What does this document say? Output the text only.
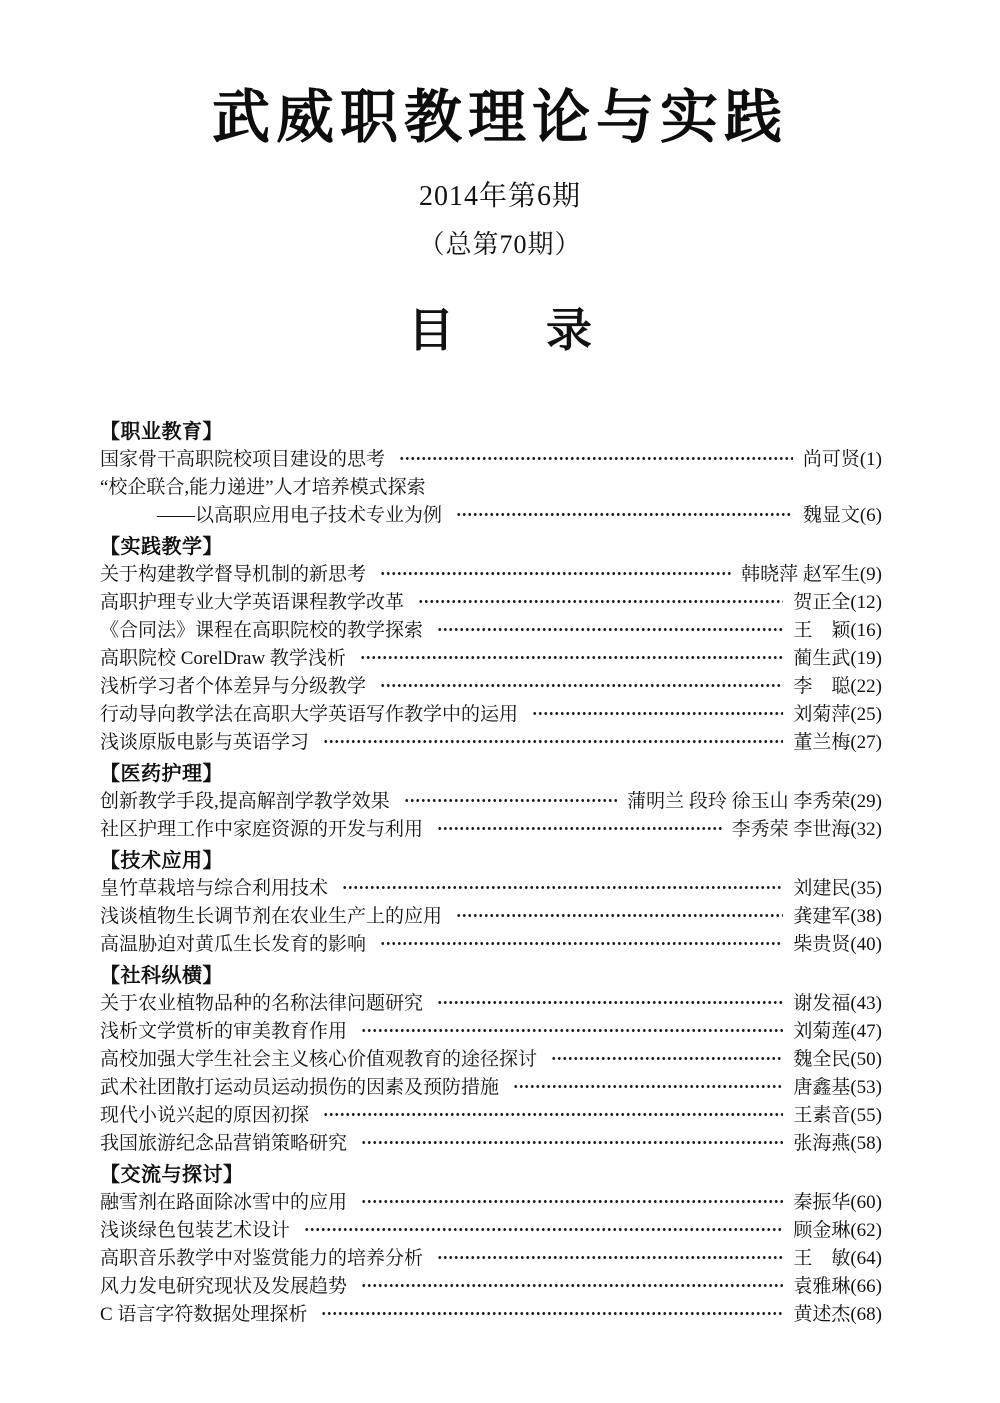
武威职教理论与实践
2014年第6期
（总第70期）
目　　录
【职业教育】
国家骨干高职院校项目建设的思考	尚可贤 (1)
“校企联合,能力递进”人才培养模式探索
——以高职应用电子技术专业为例	魏显文 (6)
【实践教学】
关于构建教学督导机制的新思考	韩晓萍 赵军生 (9)
高职护理专业大学英语课程教学改革	贺正全 (12)
《合同法》课程在高职院校的教学探索	王　颖 (16)
高职院校 CorelDraw 教学浅析	蔺生武 (19)
浅析学习者个体差异与分级教学	李　聪 (22)
行动导向教学法在高职大学英语写作教学中的运用	刘菊萍 (25)
浅谈原版电影与英语学习	董兰梅 (27)
【医药护理】
创新教学手段,提高解剖学教学效果	蒲明兰 段玲 徐玉山 李秀荣 (29)
社区护理工作中家庭资源的开发与利用	李秀荣 李世海 (32)
【技术应用】
皇竹草栽培与综合利用技术	刘建民 (35)
浅谈植物生长调节剂在农业生产上的应用	龚建军 (38)
高温胁迫对黄瓜生长发育的影响	柴贵贤 (40)
【社科纵横】
关于农业植物品种的名称法律问题研究	谢发福 (43)
浅析文学赏析的审美教育作用	刘菊莲 (47)
高校加强大学生社会主义核心价值观教育的途径探讨	魏全民 (50)
武术社团散打运动员运动损伤的因素及预防措施	唐鑫基 (53)
现代小说兴起的原因初探	王素音 (55)
我国旅游纪念品营销策略研究	张海燕 (58)
【交流与探讨】
融雪剂在路面除冰雪中的应用	秦振华 (60)
浅谈绿色包装艺术设计	顾金琳 (62)
高职音乐教学中对鉴赏能力的培养分析	王　敏 (64)
风力发电研究现状及发展趋势	袁雅琳 (66)
C 语言字符数据处理探析	黄述杰 (68)
